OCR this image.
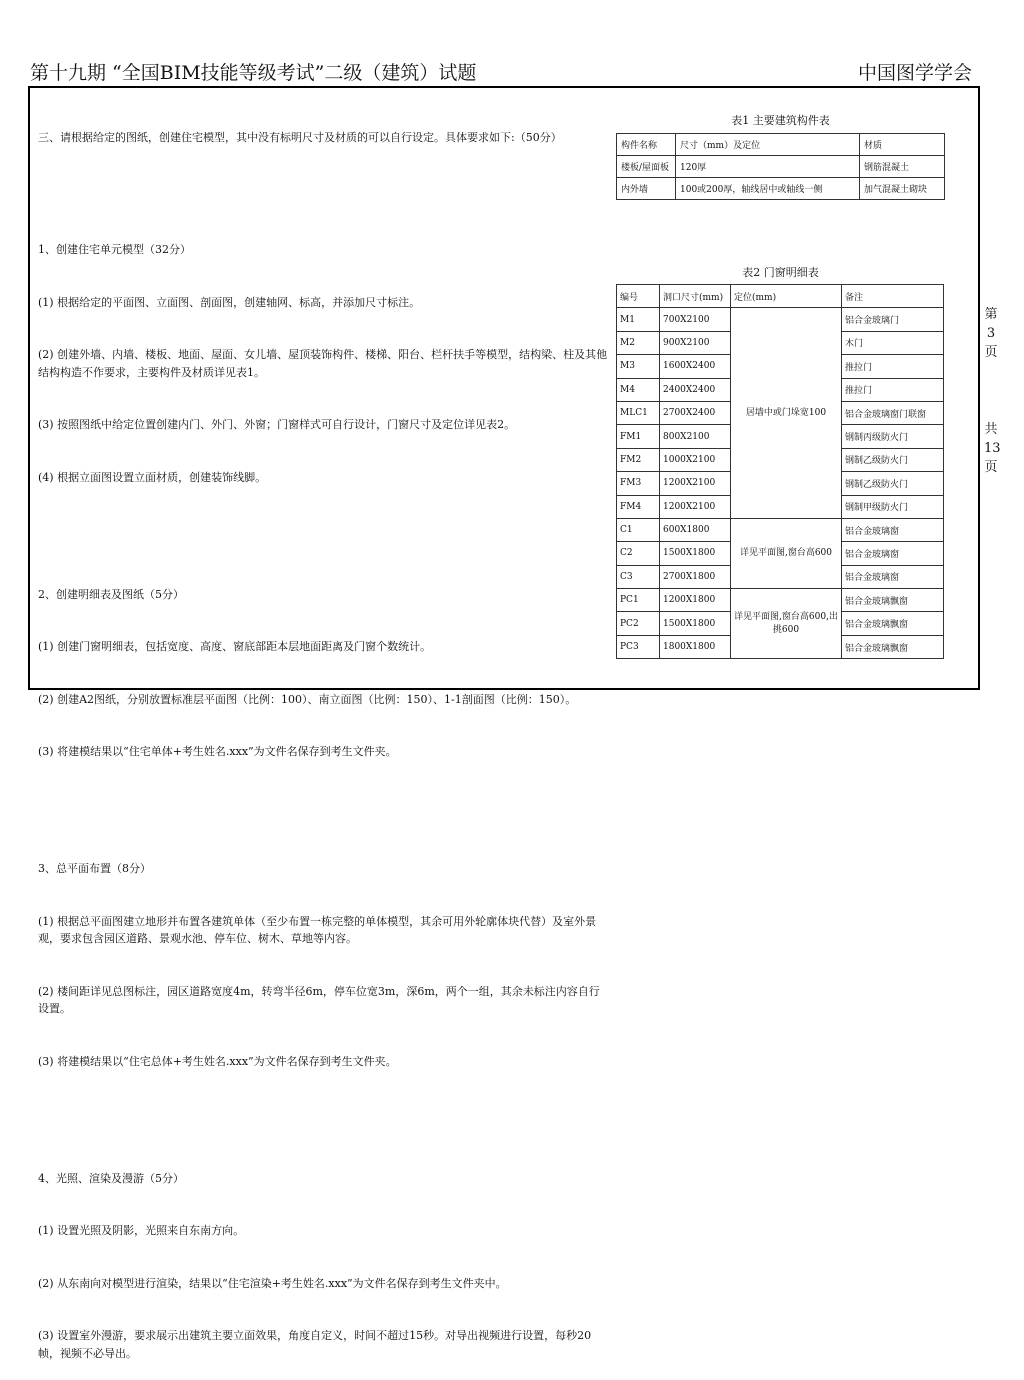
第十九期 “全国BIM技能等级考试”二级（建筑）试题	中国图学学会

三、请根据给定的图纸，创建住宅模型，其中没有标明尺寸及材质的可以自行设定。具体要求如下:（50分）

1、创建住宅单元模型（32分）

(1) 根据给定的平面图、立面图、剖面图，创建轴网、标高，并添加尺寸标注。

(2) 创建外墙、内墙、楼板、地面、屋面、女儿墙、屋顶装饰构件、楼梯、阳台、栏杆扶手等模型，结构梁、柱及其他结构构造不作要求，主要构件及材质详见表1。

(3) 按照图纸中给定位置创建内门、外门、外窗；门窗样式可自行设计，门窗尺寸及定位详见表2。

(4) 根据立面图设置立面材质，创建装饰线脚。

2、创建明细表及图纸（5分）

(1) 创建门窗明细表，包括宽度、高度、窗底部距本层地面距离及门窗个数统计。

(2) 创建A2图纸，分别放置标准层平面图（比例：100）、南立面图（比例：150）、1-1剖面图（比例：150）。

(3) 将建模结果以“住宅单体+考生姓名.xxx”为文件名保存到考生文件夹。

3、总平面布置（8分）

(1) 根据总平面图建立地形并布置各建筑单体（至少布置一栋完整的单体模型，其余可用外轮廓体块代替）及室外景观，要求包含园区道路、景观水池、停车位、树木、草地等内容。

(2) 楼间距详见总图标注，园区道路宽度4m，转弯半径6m，停车位宽3m，深6m，两个一组，其余未标注内容自行设置。

(3) 将建模结果以“住宅总体+考生姓名.xxx”为文件名保存到考生文件夹。

4、光照、渲染及漫游（5分）

(1) 设置光照及阴影，光照来自东南方向。

(2) 从东南向对模型进行渲染，结果以“住宅渲染+考生姓名.xxx”为文件名保存到考生文件夹中。

(3) 设置室外漫游，要求展示出建筑主要立面效果，角度自定义，时间不超过15秒。对导出视频进行设置，每秒20帧，视频不必导出。

表1 主要建筑构件表
构件名称	尺寸（mm）及定位	材质
楼板/屋面板	120厚	钢筋混凝土
内外墙	100或200厚，轴线居中或轴线一侧	加气混凝土砌块
表2 门窗明细表
编号	洞口尺寸(mm)	定位(mm)	备注
M1	700X2100	居墙中或门垛宽100	铝合金玻璃门
M2	900X2100		木门
M3	1600X2400		推拉门
M4	2400X2400		推拉门
MLC1	2700X2400		铝合金玻璃窗门联窗
FM1	800X2100		钢制丙级防火门
FM2	1000X2100		钢制乙级防火门
FM3	1200X2100		钢制乙级防火门
FM4	1200X2100		钢制甲级防火门
C1	600X1800	详见平面图,窗台高600	铝合金玻璃窗
C2	1500X1800		铝合金玻璃窗
C3	2700X1800		铝合金玻璃窗
PC1	1200X1800	详见平面图,窗台高600,出挑600	铝合金玻璃飘窗
PC2	1500X1800		铝合金玻璃飘窗
PC3	1800X1800		铝合金玻璃飘窗
第
3
页
共
13
页
